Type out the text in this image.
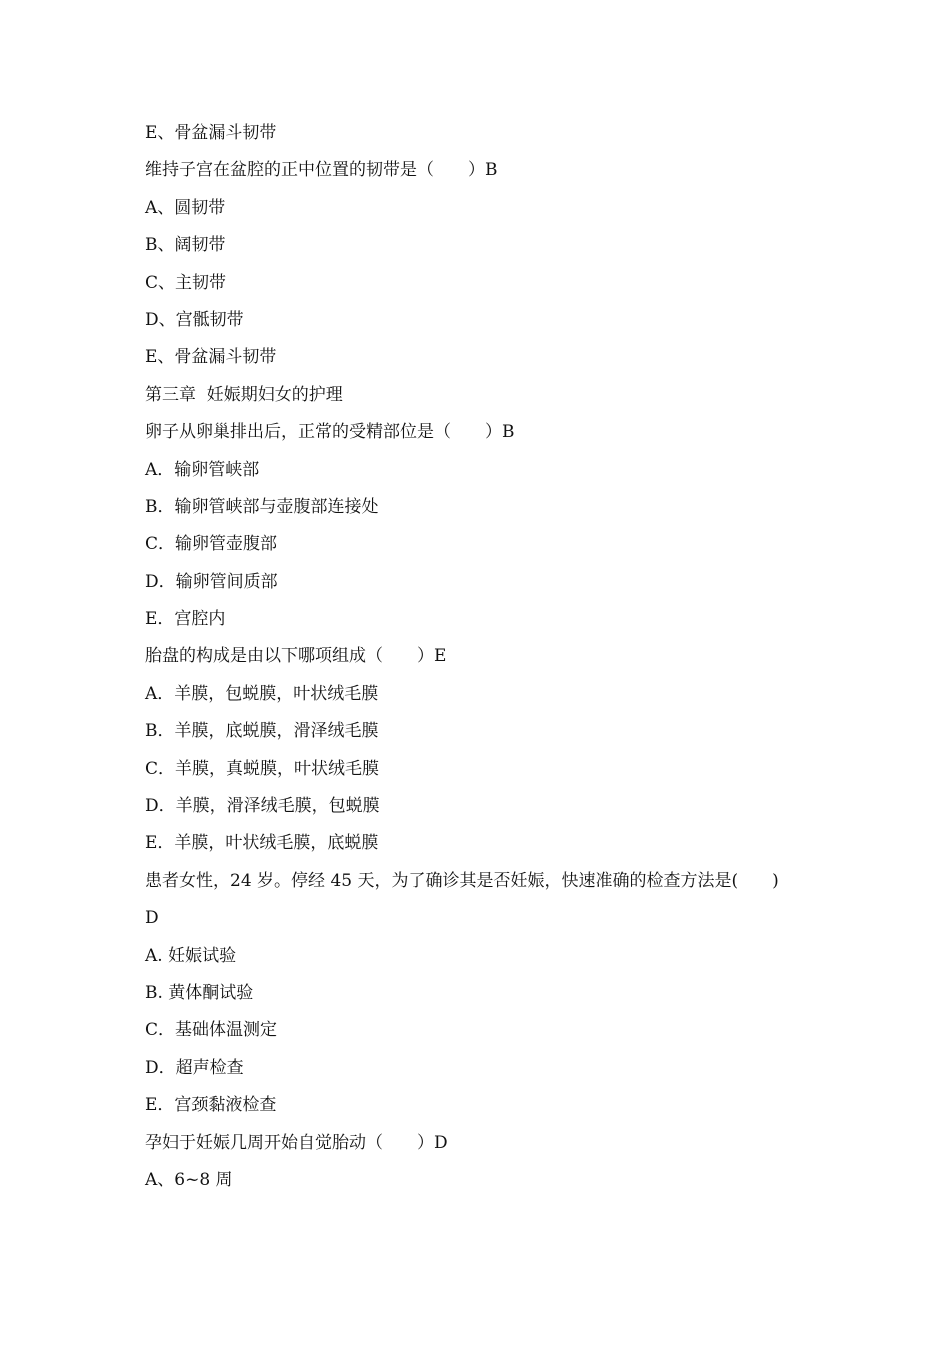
E、骨盆漏斗韧带

维持子宫在盆腔的正中位置的韧带是（　　）B

A、圆韧带

B、阔韧带

C、主韧带

D、宫骶韧带

E、骨盆漏斗韧带

第三章  妊娠期妇女的护理

卵子从卵巢排出后，正常的受精部位是（　　）B

A．输卵管峡部

B．输卵管峡部与壶腹部连接处

C．输卵管壶腹部

D．输卵管间质部

E．宫腔内

胎盘的构成是由以下哪项组成（　　）E

A．羊膜，包蜕膜，叶状绒毛膜

B．羊膜，底蜕膜，滑泽绒毛膜

C．羊膜，真蜕膜，叶状绒毛膜

D．羊膜，滑泽绒毛膜，包蜕膜

E．羊膜，叶状绒毛膜，底蜕膜

患者女性，24 岁。停经 45 天，为了确诊其是否妊娠，快速准确的检查方法是(　　)

D

A. 妊娠试验

B. 黄体酮试验

C．基础体温测定

D．超声检查

E．宫颈黏液检查

孕妇于妊娠几周开始自觉胎动（　　）D

A、6~8 周
